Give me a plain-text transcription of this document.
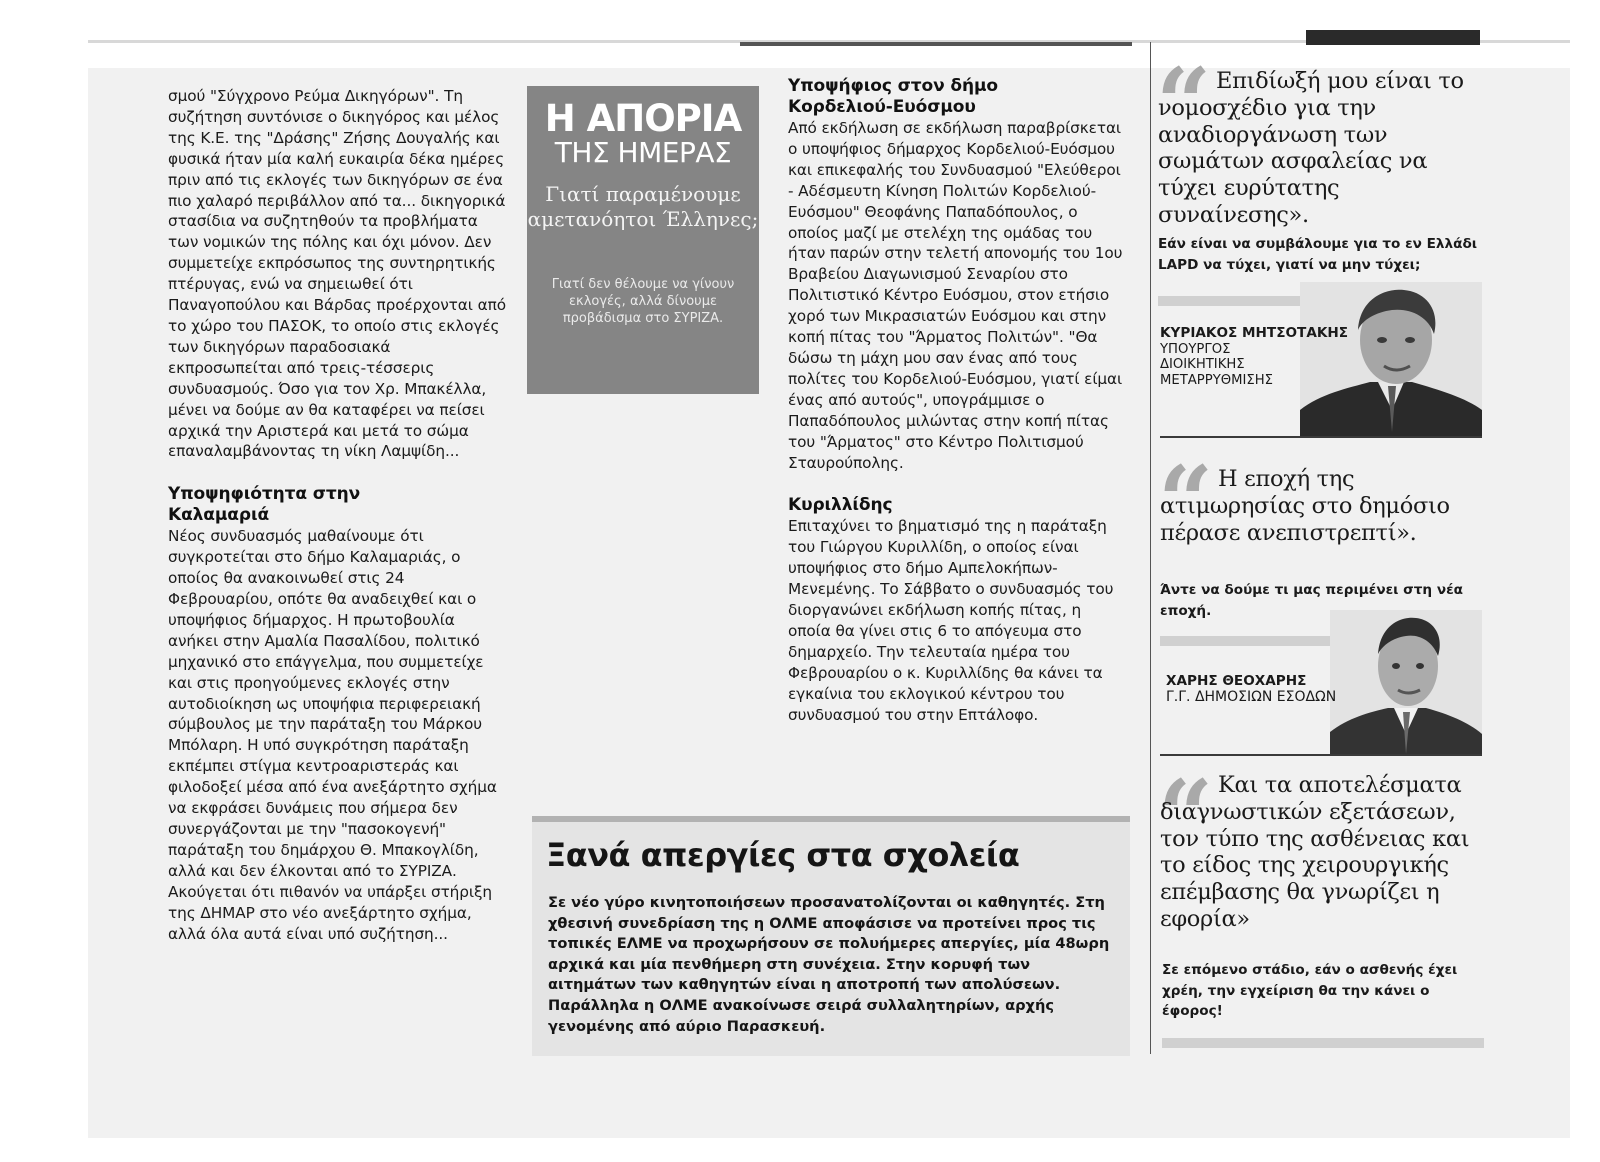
σμού "Σύγχρονο Ρεύμα Δικηγόρων". Τη συζήτηση συντόνισε ο δικηγόρος και μέλος της Κ.Ε. της "Δράσης" Ζήσης Δουγαλής και φυσικά ήταν μία καλή ευκαιρία δέκα ημέρες πριν από τις εκλογές των δικηγόρων σε ένα πιο χαλαρό περιβάλλον από τα... δικηγορικά στασίδια να συζητηθούν τα προβλήματα των νομικών της πόλης και όχι μόνον. Δεν συμμετείχε εκπρόσωπος της συντηρητικής πτέρυγας, ενώ να σημειωθεί ότι Παναγοπούλου και Βάρδας προέρχονται από το χώρο του ΠΑΣΟΚ, το οποίο στις εκλογές των δικηγόρων παραδοσιακά εκπροσωπείται από τρεις-τέσσερις συνδυασμούς. Όσο για τον Χρ. Μπακέλλα, μένει να δούμε αν θα καταφέρει να πείσει αρχικά την Αριστερά και μετά το σώμα επαναλαμβάνοντας τη νίκη Λαμψίδη...

Υποψηφιότητα στην Καλαμαριά

Νέος συνδυασμός μαθαίνουμε ότι συγκροτείται στο δήμο Καλαμαριάς, ο οποίος θα ανακοινωθεί στις 24 Φεβρουαρίου, οπότε θα αναδειχθεί και ο υποψήφιος δήμαρχος. Η πρωτοβουλία ανήκει στην Αμαλία Πασαλίδου, πολιτικό μηχανικό στο επάγγελμα, που συμμετείχε και στις προηγούμενες εκλογές στην αυτοδιοίκηση ως υποψήφια περιφερειακή σύμβουλος με την παράταξη του Μάρκου Μπόλαρη. Η υπό συγκρότηση παράταξη εκπέμπει στίγμα κεντροαριστεράς και φιλοδοξεί μέσα από ένα ανεξάρτητο σχήμα να εκφράσει δυνάμεις που σήμερα δεν συνεργάζονται με την "πασοκογενή" παράταξη του δημάρχου Θ. Μπακογλίδη, αλλά και δεν έλκονται από το ΣΥΡΙΖΑ. Ακούγεται ότι πιθανόν να υπάρξει στήριξη της ΔΗΜΑΡ στο νέο ανεξάρτητο σχήμα, αλλά όλα αυτά είναι υπό συζήτηση...

Η ΑΠΟΡΙΑ
ΤΗΣ ΗΜΕΡΑΣ
Γιατί παραμένουμε αμετανόητοι Έλληνες;
Γιατί δεν θέλουμε να γίνουν εκλογές, αλλά δίνουμε προβάδισμα στο ΣΥΡΙΖΑ.
Υποψήφιος στον δήμο Κορδελιού-Ευόσμου

Από εκδήλωση σε εκδήλωση παραβρίσκεται ο υποψήφιος δήμαρχος Κορδελιού-Ευόσμου και επικεφαλής του Συνδυασμού "Ελεύθεροι - Αδέσμευτη Κίνηση Πολιτών Κορδελιού-Ευόσμου" Θεοφάνης Παπαδόπουλος, ο οποίος μαζί με στελέχη της ομάδας του ήταν παρών στην τελετή απονομής του 1ου Βραβείου Διαγωνισμού Σεναρίου στο Πολιτιστικό Κέντρο Ευόσμου, στον ετήσιο χορό των Μικρασιατών Ευόσμου και στην κοπή πίτας του "Άρματος Πολιτών". "Θα δώσω τη μάχη μου σαν ένας από τους πολίτες του Κορδελιού-Ευόσμου, γιατί είμαι ένας από αυτούς", υπογράμμισε ο Παπαδόπουλος μιλώντας στην κοπή πίτας του "Άρματος" στο Κέντρο Πολιτισμού Σταυρούπολης.

Κυριλλίδης

Επιταχύνει το βηματισμό της η παράταξη του Γιώργου Κυριλλίδη, ο οποίος είναι υποψήφιος στο δήμο Αμπελοκήπων-Μενεμένης. Το Σάββατο ο συνδυασμός του διοργανώνει εκδήλωση κοπής πίτας, η οποία θα γίνει στις 6 το απόγευμα στο δημαρχείο. Την τελευταία ημέρα του Φεβρουαρίου ο κ. Κυριλλίδης θα κάνει τα εγκαίνια του εκλογικού κέντρου του συνδυασμού του στην Επτάλοφο.

Ξανά απεργίες στα σχολεία
Σε νέο γύρο κινητοποιήσεων προσανατολίζονται οι καθηγητές. Στη χθεσινή συνεδρίαση της η ΟΛΜΕ αποφάσισε να προτείνει προς τις τοπικές ΕΛΜΕ να προχωρήσουν σε πολυήμερες απεργίες, μία 48ωρη αρχικά και μία πενθήμερη στη συνέχεια. Στην κορυφή των αιτημάτων των καθηγητών είναι η αποτροπή των απολύσεων. Παράλληλα η ΟΛΜΕ ανακοίνωσε σειρά συλλαλητηρίων, αρχής γενομένης από αύριο Παρασκευή.
“ Επιδίωξή μου είναι το νομοσχέδιο για την αναδιοργάνωση των σωμάτων ασφαλείας να τύχει ευρύτατης συναίνεσης».
Εάν είναι να συμβάλουμε για το εν Ελλάδι LAPD να τύχει, γιατί να μην τύχει;
ΚΥΡΙΑΚΟΣ ΜΗΤΣΟΤΑΚΗΣ
ΥΠΟΥΡΓΟΣ
ΔΙΟΙΚΗΤΙΚΗΣ
ΜΕΤΑΡΡΥΘΜΙΣΗΣ
“ Η εποχή της ατιμωρησίας στο δημόσιο πέρασε ανεπιστρεπτί».
Άντε να δούμε τι μας περιμένει στη νέα εποχή.
ΧΑΡΗΣ ΘΕΟΧΑΡΗΣ
Γ.Γ. ΔΗΜΟΣΙΩΝ ΕΣΟΔΩΝ
“ Και τα αποτελέσματα διαγνωστικών εξετάσεων, τον τύπο της ασθένειας και το είδος της χειρουργικής επέμβασης θα γνωρίζει η εφορία»
Σε επόμενο στάδιο, εάν ο ασθενής έχει χρέη, την εγχείριση θα την κάνει ο έφορος!
